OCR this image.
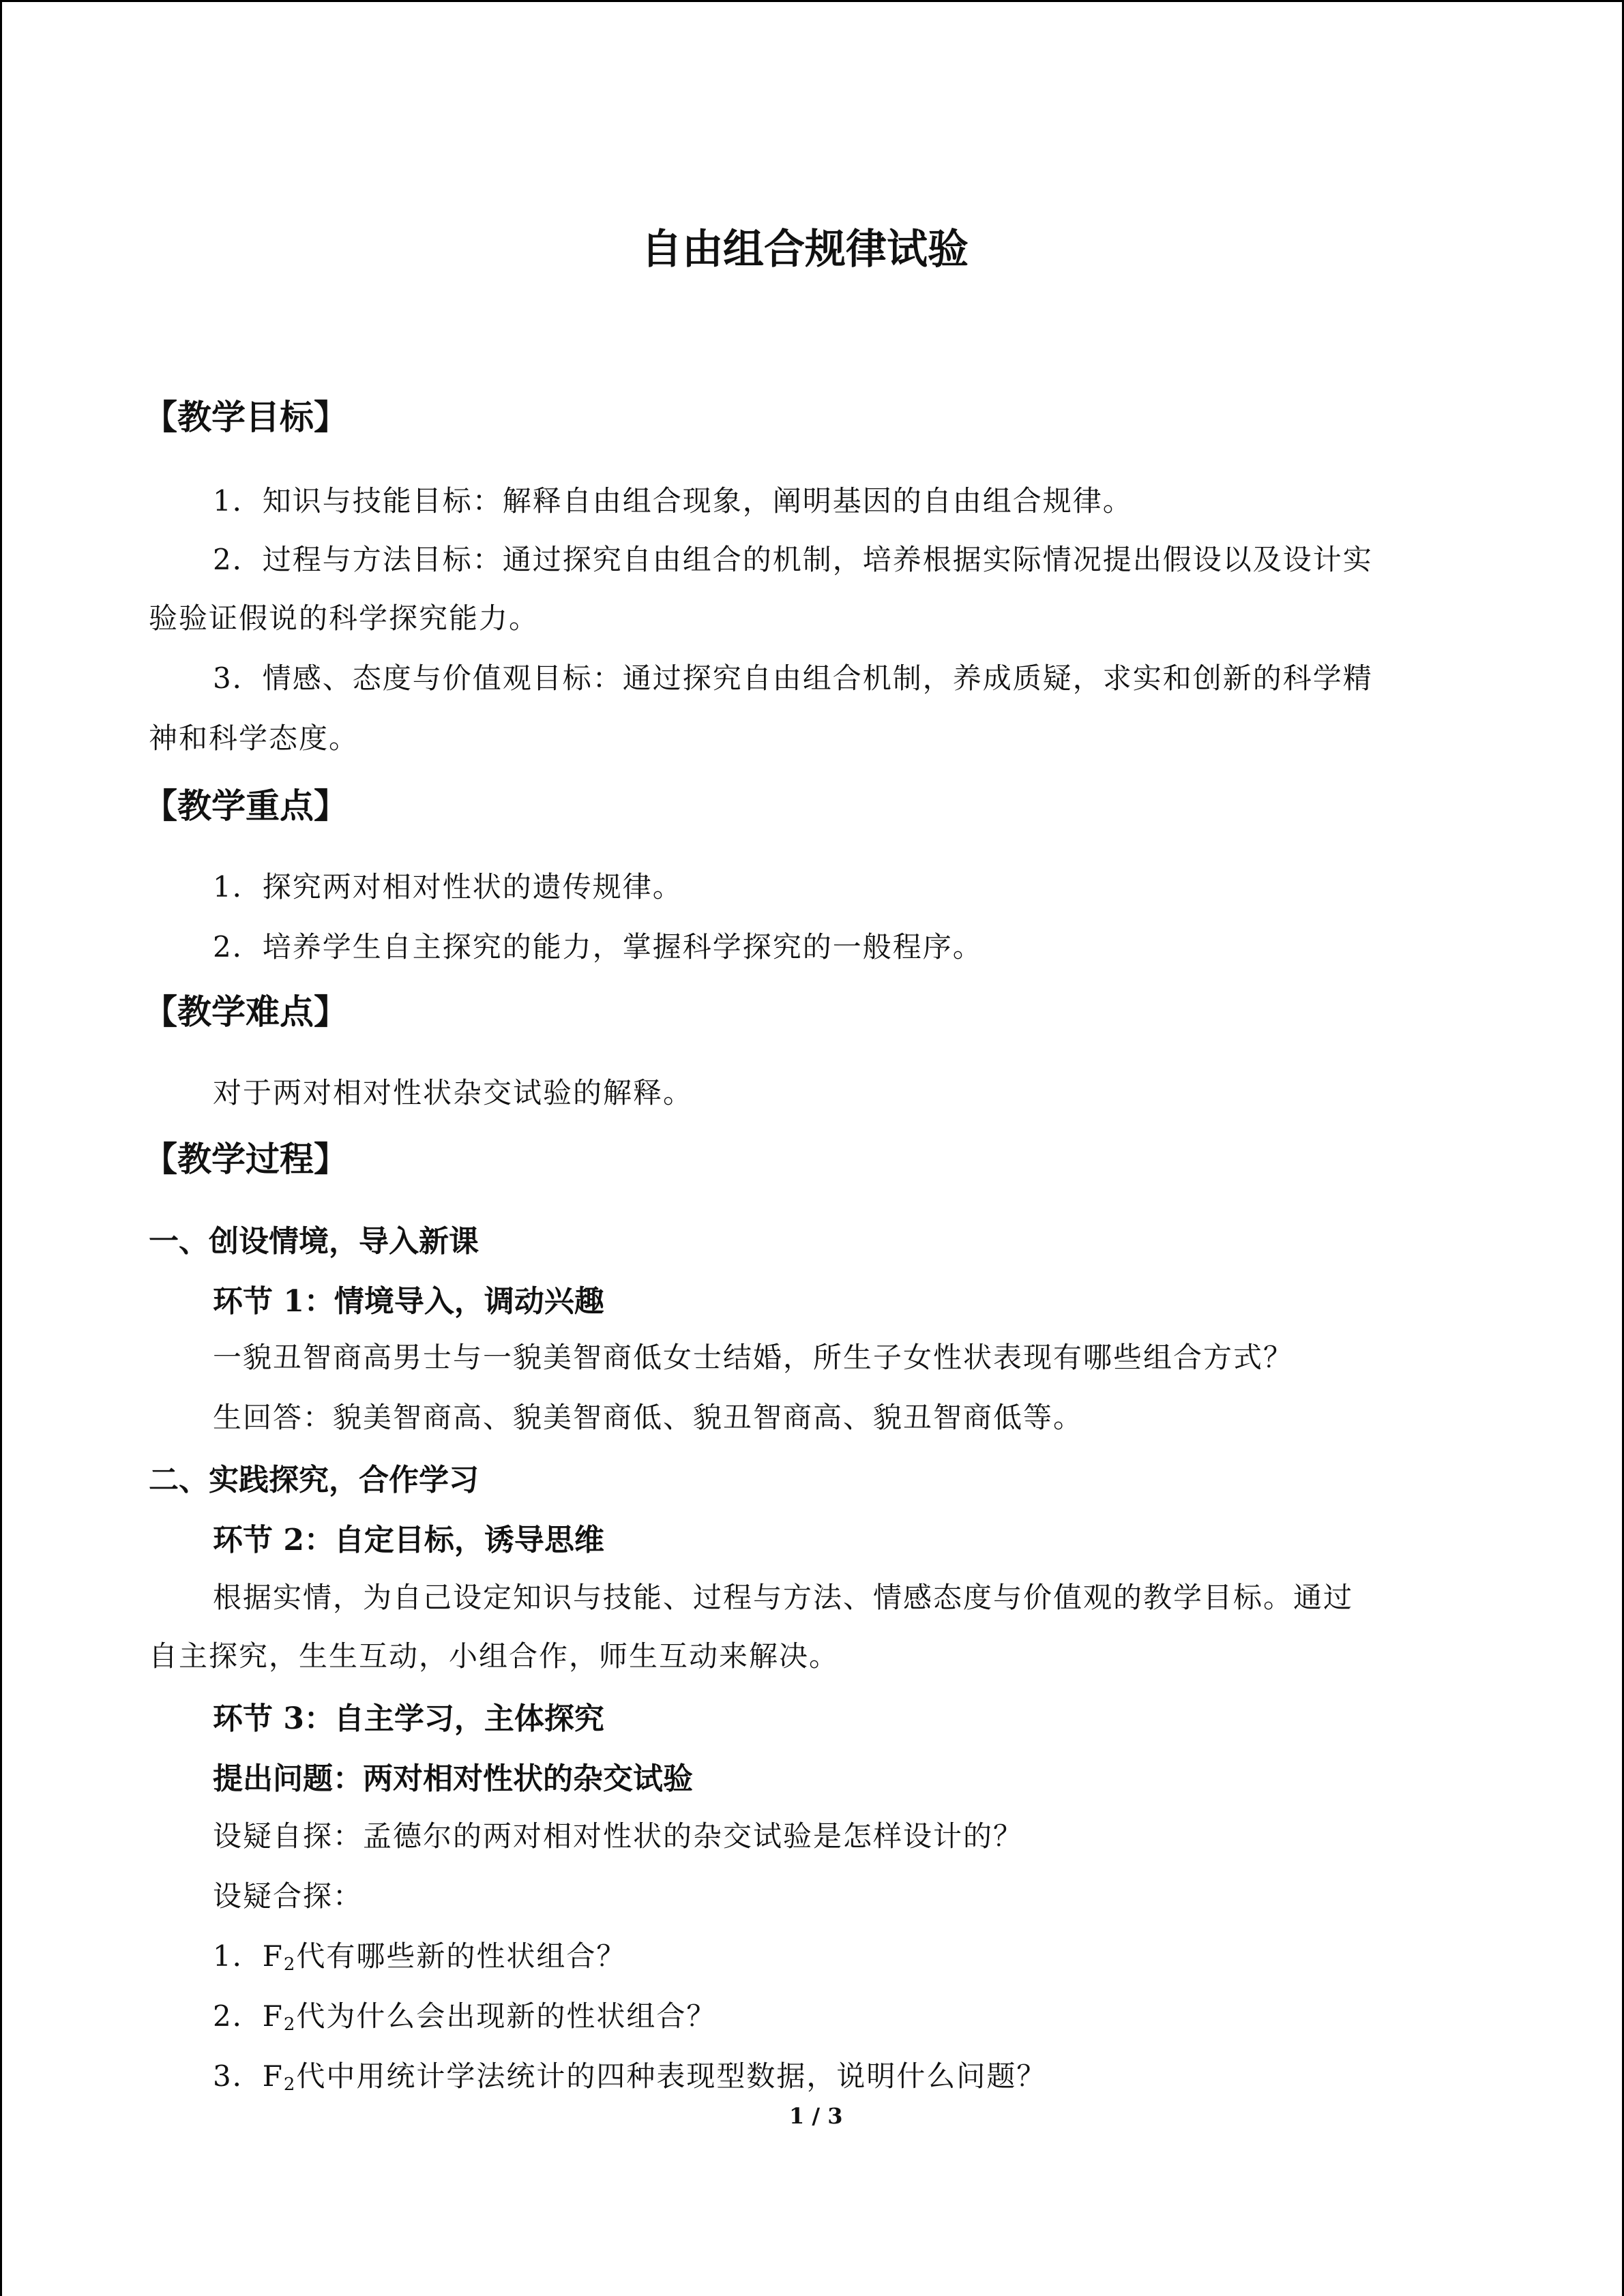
自由组合规律试验
【教学目标】
1．知识与技能目标：解释自由组合现象，阐明基因的自由组合规律。
2．过程与方法目标：通过探究自由组合的机制，培养根据实际情况提出假设以及设计实
验验证假说的科学探究能力。
3．情感、态度与价值观目标：通过探究自由组合机制，养成质疑，求实和创新的科学精
神和科学态度。
【教学重点】
1．探究两对相对性状的遗传规律。
2．培养学生自主探究的能力，掌握科学探究的一般程序。
【教学难点】
对于两对相对性状杂交试验的解释。
【教学过程】
一、创设情境，导入新课
环节 1：情境导入，调动兴趣
一貌丑智商高男士与一貌美智商低女士结婚，所生子女性状表现有哪些组合方式？
生回答：貌美智商高、貌美智商低、貌丑智商高、貌丑智商低等。
二、实践探究，合作学习
环节 2：自定目标，诱导思维
根据实情，为自己设定知识与技能、过程与方法、情感态度与价值观的教学目标。通过
自主探究，生生互动，小组合作，师生互动来解决。
环节 3：自主学习，主体探究
提出问题：两对相对性状的杂交试验
设疑自探：孟德尔的两对相对性状的杂交试验是怎样设计的？
设疑合探：
1．$F_2$代有哪些新的性状组合？
2．$F_2$代为什么会出现新的性状组合？
3．$F_2$代中用统计学法统计的四种表现型数据，说明什么问题？
1 / 3
